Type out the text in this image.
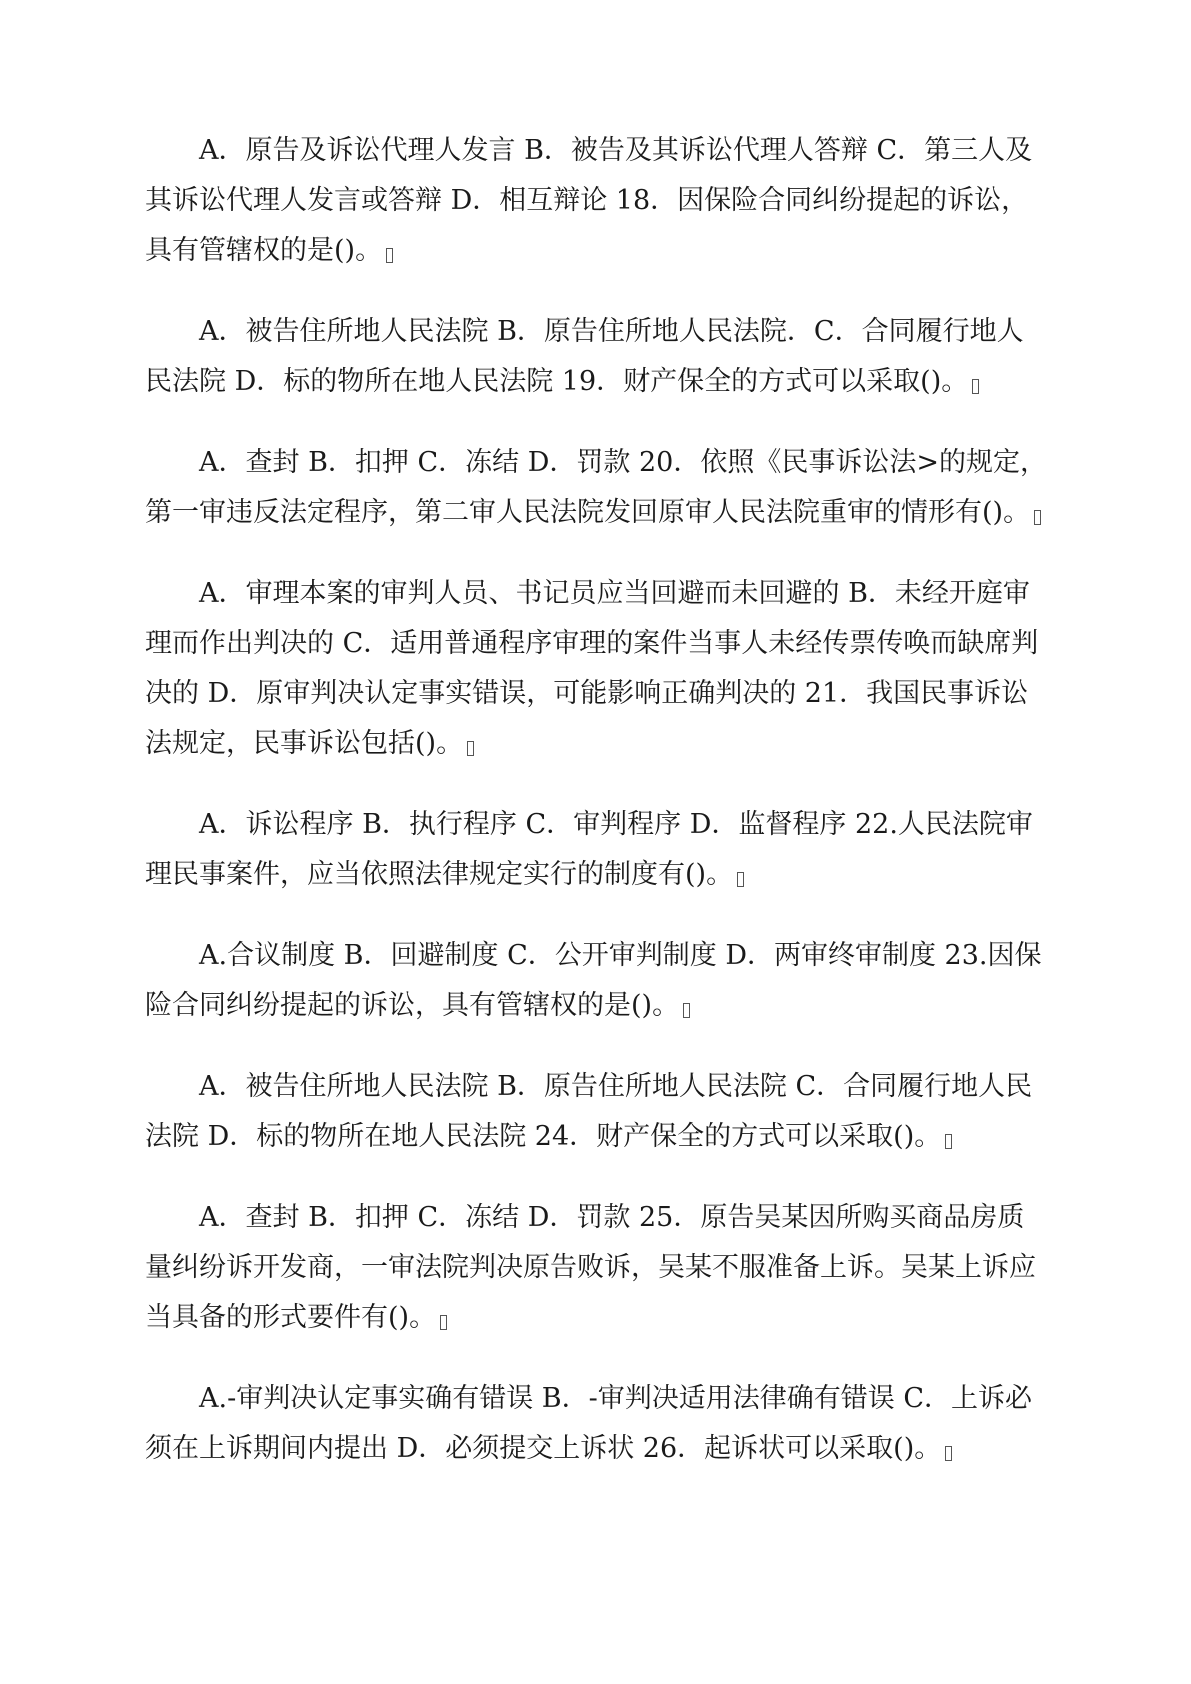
A．原告及诉讼代理人发言 B．被告及其诉讼代理人答辩 C．第三人及其诉讼代理人发言或答辩 D．相互辩论 18．因保险合同纠纷提起的诉讼，具有管辖权的是()。

A．被告住所地人民法院 B．原告住所地人民法院．C．合同履行地人民法院 D．标的物所在地人民法院 19．财产保全的方式可以采取()。

A．查封 B．扣押 C．冻结 D．罚款 20．依照《民事诉讼法>的规定，第一审违反法定程序，第二审人民法院发回原审人民法院重审的情形有()。

A．审理本案的审判人员、书记员应当回避而未回避的 B．未经开庭审理而作出判决的 C．适用普通程序审理的案件当事人未经传票传唤而缺席判决的 D．原审判决认定事实错误，可能影响正确判决的 21．我国民事诉讼法规定，民事诉讼包括()。

A．诉讼程序 B．执行程序 C．审判程序 D．监督程序 22.人民法院审理民事案件，应当依照法律规定实行的制度有()。

A.合议制度 B．回避制度 C．公开审判制度 D．两审终审制度 23.因保险合同纠纷提起的诉讼，具有管辖权的是()。

A．被告住所地人民法院 B．原告住所地人民法院 C．合同履行地人民法院 D．标的物所在地人民法院 24．财产保全的方式可以采取()。

A．查封 B．扣押 C．冻结 D．罚款 25．原告吴某因所购买商品房质量纠纷诉开发商，一审法院判决原告败诉，吴某不服准备上诉。吴某上诉应当具备的形式要件有()。

A.-审判决认定事实确有错误 B．-审判决适用法律确有错误 C．上诉必须在上诉期间内提出 D．必须提交上诉状 26．起诉状可以采取()。
